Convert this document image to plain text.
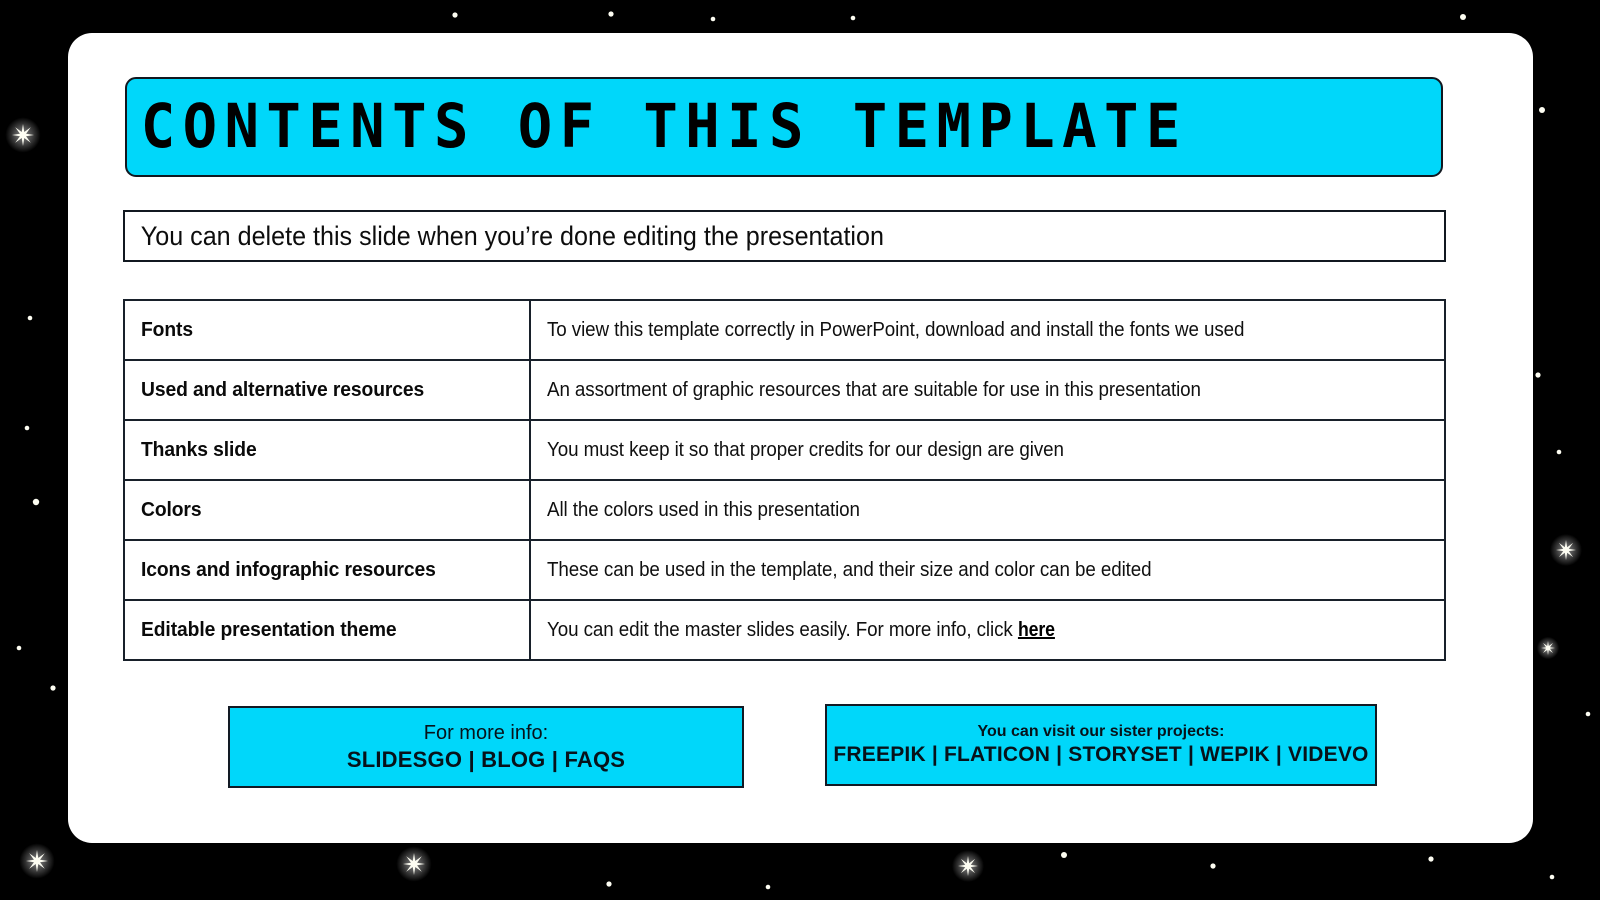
CONTENTS OF THIS TEMPLATE
You can delete this slide when you’re done editing the presentation
Fonts	To view this template correctly in PowerPoint, download and install the fonts we used
Used and alternative resources	An assortment of graphic resources that are suitable for use in this presentation
Thanks slide	You must keep it so that proper credits for our design are given
Colors	All the colors used in this presentation
Icons and infographic resources	These can be used in the template, and their size and color can be edited
Editable presentation theme	You can edit the master slides easily. For more info, click here
For more info:
SLIDESGO | BLOG | FAQS
You can visit our sister projects:
FREEPIK | FLATICON | STORYSET | WEPIK | VIDEVO
